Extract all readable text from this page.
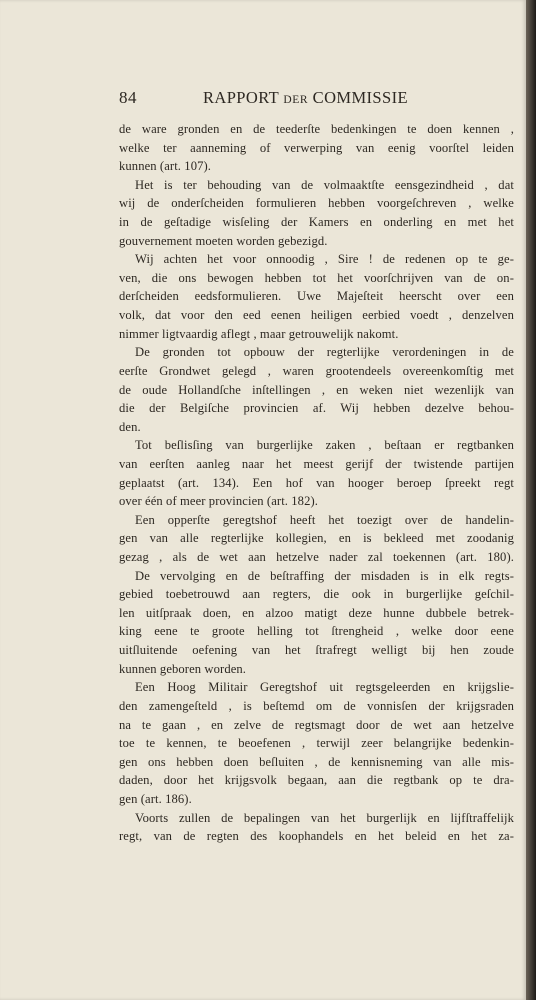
84	RAPPORT DER COMMISSIE
de ware gronden en de teederſte bedenkingen te doen kennen ,
welke ter aanneming of verwerping van eenig voorſtel leiden
kunnen (art. 107).
Het is ter behouding van de volmaaktſte eensgezindheid , dat
wij de onderſcheiden formulieren hebben voorgeſchreven , welke
in de geſtadige wisſeling der Kamers en onderling en met het
gouvernement moeten worden gebezigd.
Wij achten het voor onnoodig , Sire ! de redenen op te ge-
ven, die ons bewogen hebben tot het voorſchrijven van de on-
derſcheiden eedsformulieren. Uwe Majeſteit heerscht over een
volk, dat voor den eed eenen heiligen eerbied voedt , denzelven
nimmer ligtvaardig aflegt , maar getrouwelijk nakomt.
De gronden tot opbouw der regterlijke verordeningen in de
eerſte Grondwet gelegd , waren grootendeels overeenkomſtig met
de oude Hollandſche inſtellingen , en weken niet wezenlijk van
die der Belgiſche provincien af. Wij hebben dezelve behou-
den.
Tot beſlisſing van burgerlijke zaken , beſtaan er regtbanken
van eerſten aanleg naar het meest gerijf der twistende partijen
geplaatst (art. 134). Een hof van hooger beroep ſpreekt regt
over één of meer provincien (art. 182).
Een opperſte geregtshof heeft het toezigt over de handelin-
gen van alle regterlijke kollegien, en is bekleed met zoodanig
gezag , als de wet aan hetzelve nader zal toekennen (art. 180).
De vervolging en de beſtraffing der misdaden is in elk regts-
gebied toebetrouwd aan regters, die ook in burgerlijke geſchil-
len uitſpraak doen, en alzoo matigt deze hunne dubbele betrek-
king eene te groote helling tot ſtrengheid , welke door eene
uitſluitende oefening van het ſtrafregt welligt bij hen zoude
kunnen geboren worden.
Een Hoog Militair Geregtshof uit regtsgeleerden en krijgslie-
den zamengeſteld , is beſtemd om de vonnisſen der krijgsraden
na te gaan , en zelve de regtsmagt door de wet aan hetzelve
toe te kennen, te beoefenen , terwijl zeer belangrijke bedenkin-
gen ons hebben doen beſluiten , de kennisneming van alle mis-
daden, door het krijgsvolk begaan, aan die regtbank op te dra-
gen (art. 186).
Voorts zullen de bepalingen van het burgerlijk en lijfſtraffelijk
regt, van de regten des koophandels en het beleid en het za-
